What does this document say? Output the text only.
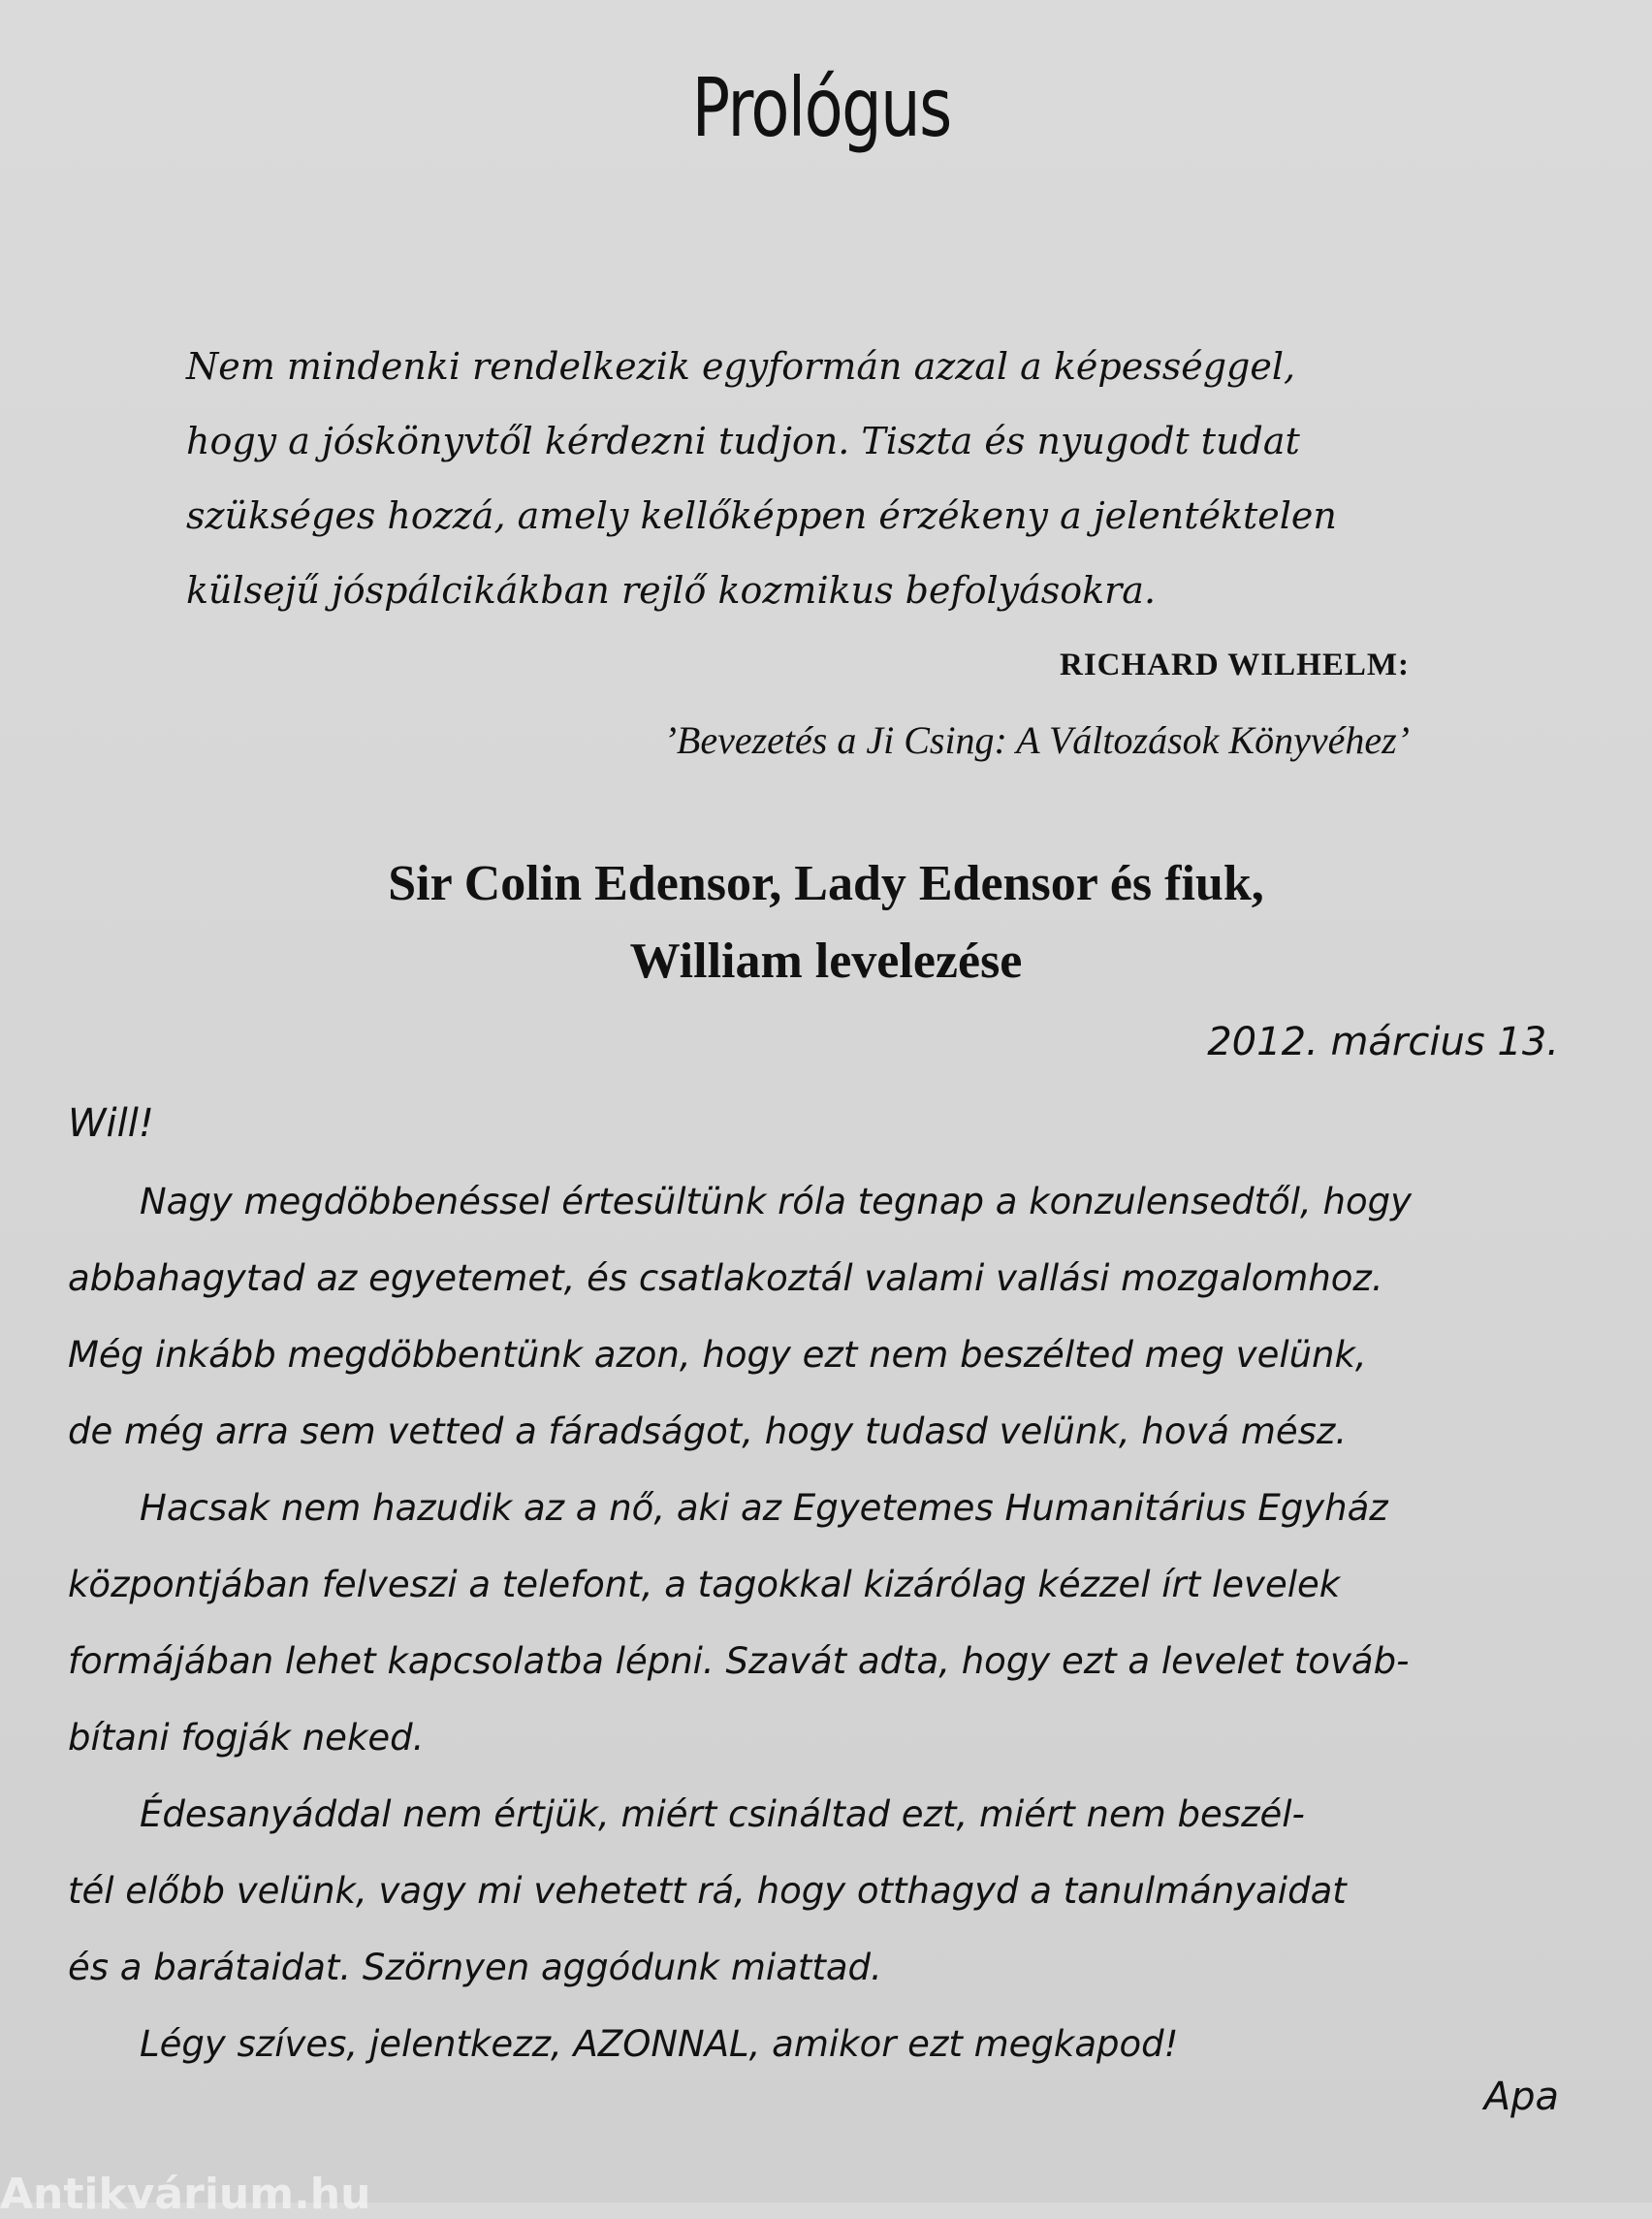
Prológus
Nem mindenki rendelkezik egyformán azzal a képességgel,
hogy a jóskönyvtől kérdezni tudjon. Tiszta és nyugodt tudat
szükséges hozzá, amely kellőképpen érzékeny a jelentéktelen
külsejű jóspálcikákban rejlő kozmikus befolyásokra.
RICHARD WILHELM:
’Bevezetés a Ji Csing: A Változások Könyvéhez’
Sir Colin Edensor, Lady Edensor és fiuk,
William levelezése
2012. március 13.
Will!
Nagy megdöbbenéssel értesültünk róla tegnap a konzulensedtől, hogy
abbahagytad az egyetemet, és csatlakoztál valami vallási mozgalomhoz.
Még inkább megdöbbentünk azon, hogy ezt nem beszélted meg velünk,
de még arra sem vetted a fáradságot, hogy tudasd velünk, hová mész.
Hacsak nem hazudik az a nő, aki az Egyetemes Humanitárius Egyház
központjában felveszi a telefont, a tagokkal kizárólag kézzel írt levelek
formájában lehet kapcsolatba lépni. Szavát adta, hogy ezt a levelet továb-
bítani fogják neked.
Édesanyáddal nem értjük, miért csináltad ezt, miért nem beszél-
tél előbb velünk, vagy mi vehetett rá, hogy otthagyd a tanulmányaidat
és a barátaidat. Szörnyen aggódunk miattad.
Légy szíves, jelentkezz, AZONNAL, amikor ezt megkapod!
Apa
Antikvárium.hu
